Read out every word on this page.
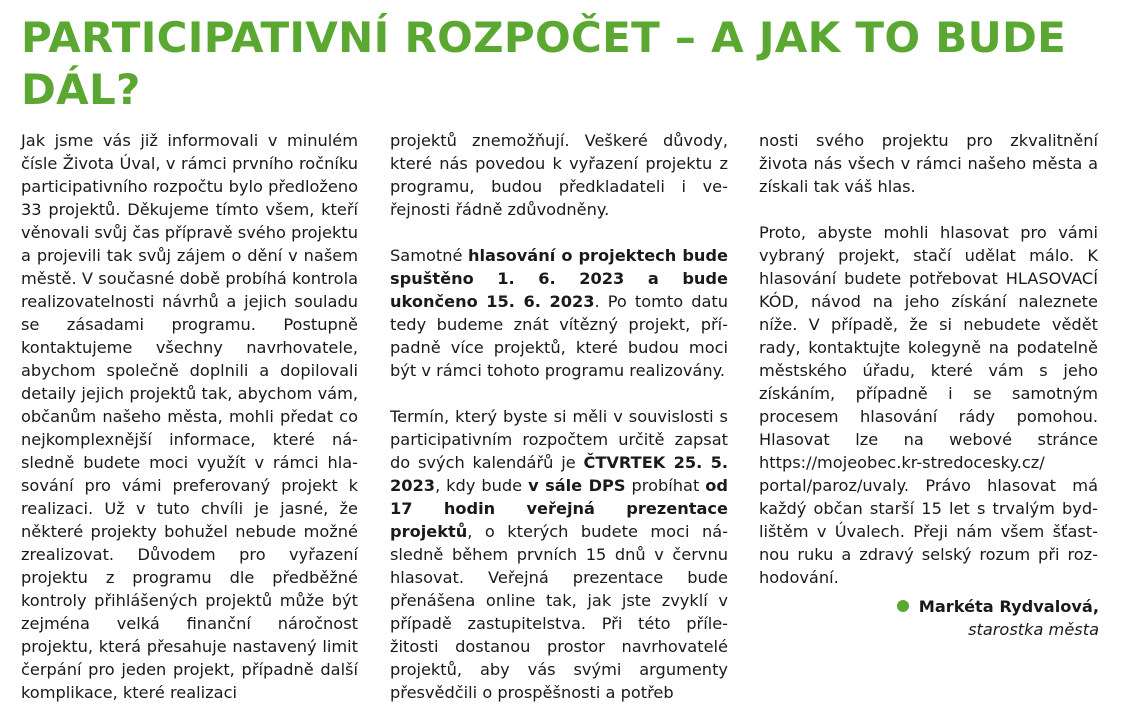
PARTICIPATIVNÍ ROZPOČET – A JAK TO BUDE DÁL?

Jak jsme vás již informovali v minulém čísle Života Úval, v rámci prvního ročníku participativního rozpočtu bylo předloženo 33 projektů. Děkujeme tímto všem, kteří věnovali svůj čas přípravě svého projektu a projevili tak svůj zájem o dění v našem městě. V současné době probíhá kontrola realizovatelnosti návrhů a jejich souladu se zásadami programu. Postupně kontaktujeme všechny navrhovatele, abychom společně doplnili a dopilovali detaily jejich projektů tak, abychom vám, občanům našeho města, mohli předat co nejkomplexnější informace, které následně budete moci využít v rámci hlasování pro vámi preferovaný projekt k realizaci. Už v tuto chvíli je jasné, že některé projekty bohužel nebude možné zrealizovat. Důvodem pro vyřazení projektu z programu dle předběžné kontroly přihlášených projektů může být zejména velká finanční náročnost projektu, která přesahuje nastavený limit čerpání pro jeden projekt, případně další komplikace, které realizaci

projektů znemožňují. Veškeré důvody, které nás povedou k vyřazení projektu z programu, budou předkladateli i veřejnosti řádně zdůvodněny.

Samotné hlasování o projektech bude spuštěno 1. 6. 2023 a bude ukončeno 15. 6. 2023. Po tomto datu tedy budeme znát vítězný projekt, případně více projektů, které budou moci být v rámci tohoto programu realizovány.

Termín, který byste si měli v souvislosti s participativním rozpočtem určitě zapsat do svých kalendářů je ČTVRTEK 25. 5. 2023, kdy bude v sále DPS probíhat od 17 hodin veřejná prezentace projektů, o kterých budete moci následně během prvních 15 dnů v červnu hlasovat. Veřejná prezentace bude přenášena online tak, jak jste zvyklí v případě zastupitelstva. Při této příležitosti dostanou prostor navrhovatelé projektů, aby vás svými argumenty přesvědčili o prospěšnosti a potřeb

nosti svého projektu pro zkvalitnění života nás všech v rámci našeho města a získali tak váš hlas.

Proto, abyste mohli hlasovat pro vámi vybraný projekt, stačí udělat málo. K hlasování budete potřebovat HLASOVACÍ KÓD, návod na jeho získání naleznete níže. V případě, že si nebudete vědět rady, kontaktujte kolegyně na podatelně městského úřadu, které vám s jeho získáním, případně i se samotným procesem hlasování rády pomohou. Hlasovat lze na webové stránce https://mojeobec.kr-stredocesky.cz/ portal/paroz/uvaly. Právo hlasovat má každý občan starší 15 let s trvalým bydlištěm v Úvalech. Přeji nám všem šťastnou ruku a zdravý selský rozum při rozhodování.

Markéta Rydvalová,
starostka města
